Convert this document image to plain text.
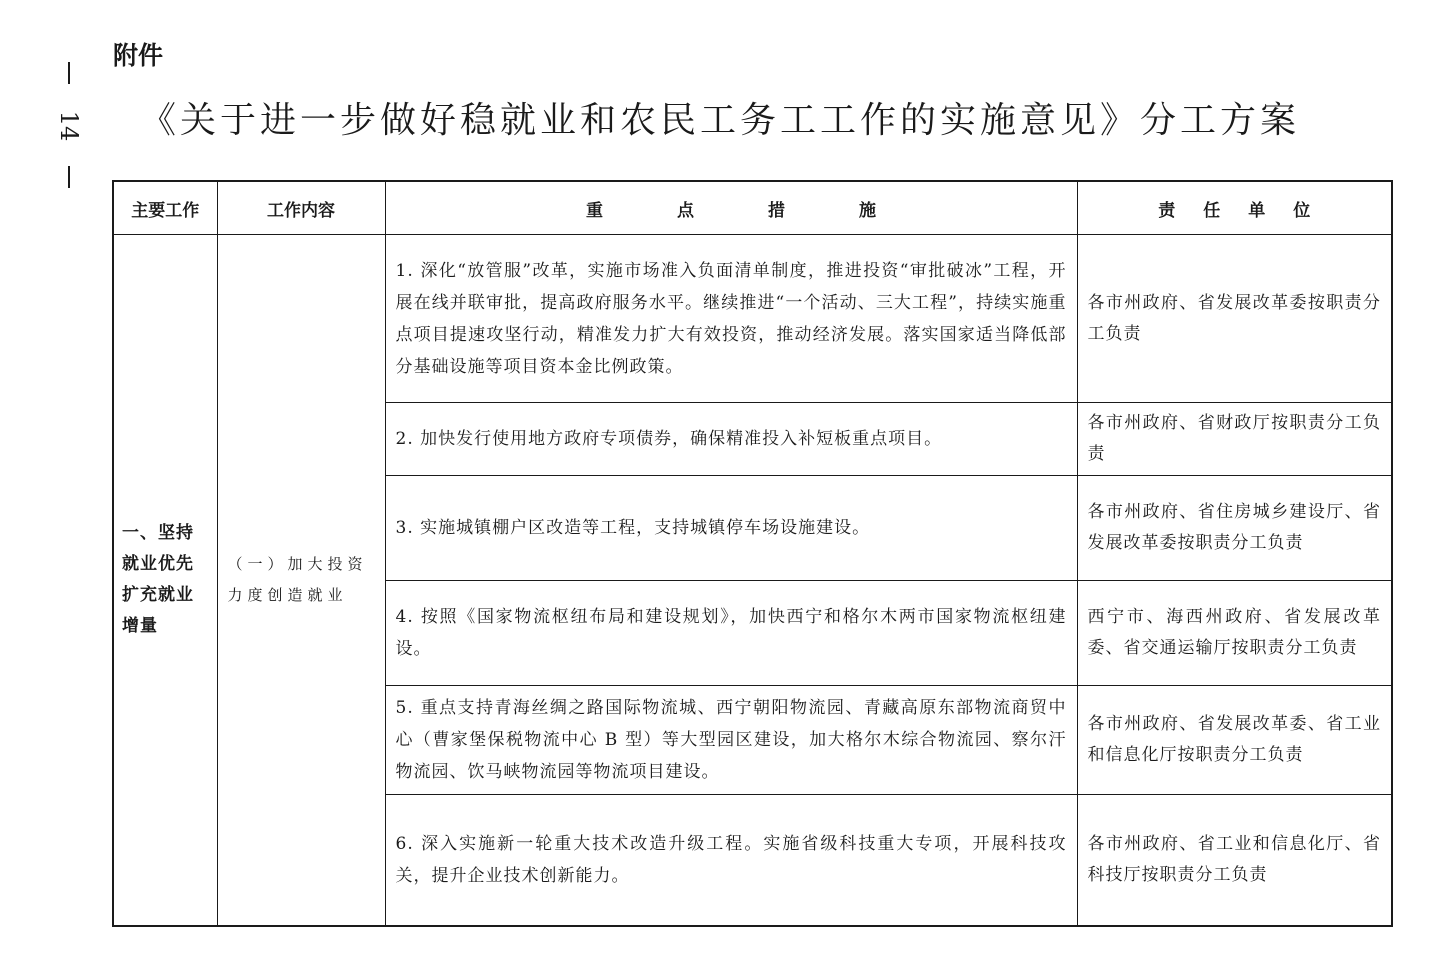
14
附件
《关于进一步做好稳就业和农民工务工工作的实施意见》分工方案
主要工作	工作内容	重点措施	责任单位
一、坚持就业优先扩充就业增量	（一）加大投资力度创造就业	1. 深化“放管服”改革，实施市场准入负面清单制度，推进投资“审批破冰”工程，开展在线并联审批，提高政府服务水平。继续推进“一个活动、三大工程”，持续实施重点项目提速攻坚行动，精准发力扩大有效投资，推动经济发展。落实国家适当降低部分基础设施等项目资本金比例政策。	各市州政府、省发展改革委按职责分工负责
		2. 加快发行使用地方政府专项债券，确保精准投入补短板重点项目。	各市州政府、省财政厅按职责分工负责
		3. 实施城镇棚户区改造等工程，支持城镇停车场设施建设。	各市州政府、省住房城乡建设厅、省发展改革委按职责分工负责
		4. 按照《国家物流枢纽布局和建设规划》，加快西宁和格尔木两市国家物流枢纽建设。	西宁市、海西州政府、省发展改革委、省交通运输厅按职责分工负责
		5. 重点支持青海丝绸之路国际物流城、西宁朝阳物流园、青藏高原东部物流商贸中心（曹家堡保税物流中心 B 型）等大型园区建设，加大格尔木综合物流园、察尔汗物流园、饮马峡物流园等物流项目建设。	各市州政府、省发展改革委、省工业和信息化厅按职责分工负责
		6. 深入实施新一轮重大技术改造升级工程。实施省级科技重大专项，开展科技攻关，提升企业技术创新能力。	各市州政府、省工业和信息化厅、省科技厅按职责分工负责
